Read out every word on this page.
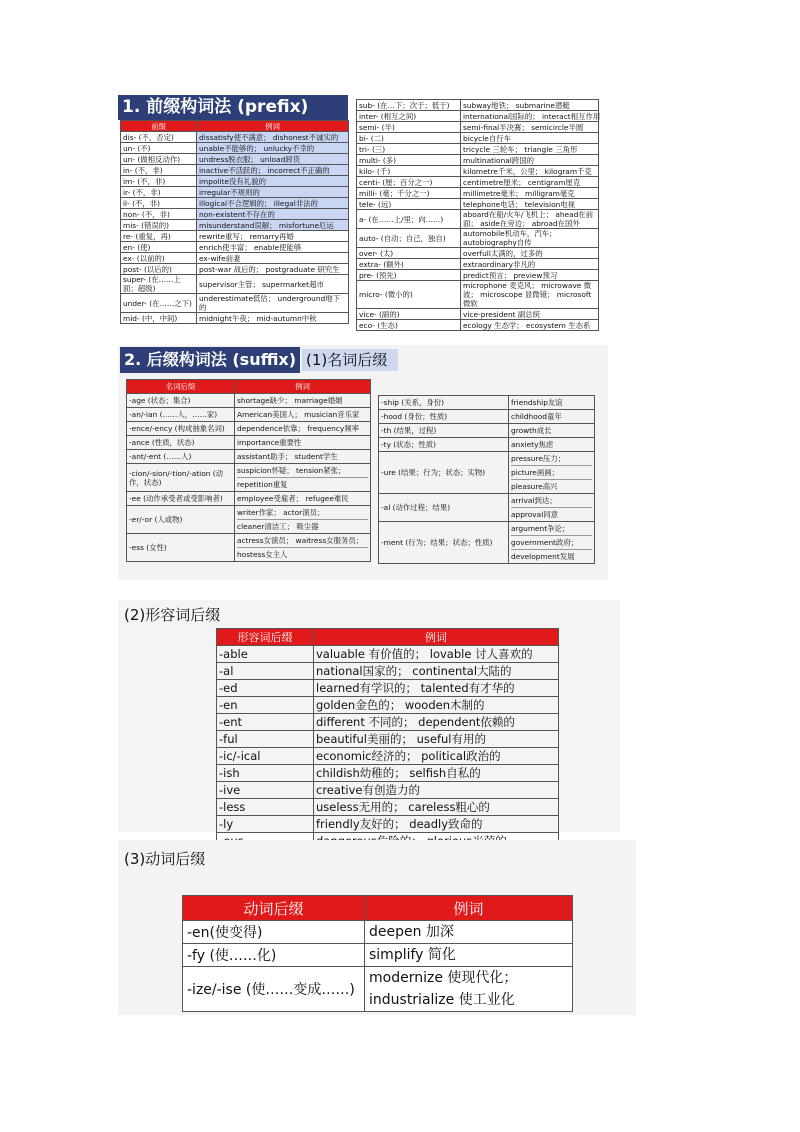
1. 前缀构词法 (prefix)
前缀	例词
dis- (不，否定)	dissatisfy使不满意； dishonest不诚实的
un- (不)	unable不能够的； unlucky不幸的
un- (做相反动作)	undress脱衣服； unload卸货
in- (不，非)	inactive不活跃的； incorrect不正确的
im- (不，非)	impolite没有礼貌的
ir- (不，非)	irregular不规则的
il- (不，非)	illogical不合逻辑的； illegal非法的
non- (不，非)	non-existent不存在的
mis- (错误的)	misunderstand误解； misfortune厄运
re- (重复，再)	rewrite重写； remarry再婚
en- (使)	enrich使丰富； enable使能够
ex- (以前的)	ex-wife前妻
post- (以后的)	post-war 战后的； postgraduate 研究生
super- (在……上面；超级)	supervisor主管； supermarket超市
under- (在……之下)	underestimate低估； underground地下的
mid- (中，中间)	midnight午夜； mid-autumn中秋
sub- (在…下；次于；低于)	subway地铁； submarine潜艇
inter- (相互之间)	international国际的； interact相互作用
semi- (半)	semi-final半决赛； semicircle半圆
bi- (二)	bicycle自行车
tri- (三)	tricycle 三轮车； triangle 三角形
multi- (多)	multinational跨国的
kilo- (千)	kilometre千米，公里； kilogram千克
centi- (厘；百分之一)	centimetre厘米； centigram厘克
milli- (毫；千分之一)	millimetre毫米； milligram毫克
tele- (远)	telephone电话； television电视
a- (在……上/里；向……)	aboard在船/火车/飞机上； ahead在前面； aside在旁边； abroad在国外
auto- (自动；自己，独自)	automobile机动车，汽车； autobiography自传
over- (太)	overfull太满的，过多的
extra- (额外)	extraordinary非凡的
pre- (预先)	predict预言； preview预习
micro- (微小的)	microphone 麦克风； microwave 微波； microscope 显微镜； microsoft 微软
vice- (副的)	vice-president 副总统
eco- (生态)	ecology 生态学； ecosystem 生态系
2. 后缀构词法 (suffix) (1)名词后缀
名词后缀	例词
-age (状态；集合)	shortage缺少； marriage婚姻

-an/-ian (……人，……家)	American美国人； musician音乐家

-ence/-ency (构成抽象名词)	dependence依靠； frequency频率

-ance (性质，状态)	importance重要性

-ant/-ent (……人)	assistant助手； student学生

-cion/-sion/-tion/-ation (动作，状态)	suspicion怀疑； tension紧张；
repetition重复

-ee (动作承受者或受影响者)	employee受雇者； refugee难民

-er/-or (人或物)	writer作家； actor演员；
cleaner清洁工； 吸尘器

-ess (女性)	actress女演员； waitress女服务员；
hostess女主人
-ship (关系，身份)	friendship友谊

-hood (身份；性质)	childhood童年

-th (结果，过程)	growth成长

-ty (状态；性质)	anxiety焦虑

-ure (结果；行为；状态；实物)	pressure压力；
picture画画；
pleasure高兴

-al (动作过程；结果)	arrival到达；
approval同意

-ment (行为；结果；状态；性质)	argument争论；
government政府；
development发展
(2)形容词后缀
形容词后缀	例词
-able	valuable 有价值的； lovable 讨人喜欢的
-al	national国家的； continental大陆的
-ed	learned有学识的； talented有才华的
-en	golden金色的； wooden木制的
-ent	different 不同的； dependent依赖的
-ful	beautiful美丽的； useful有用的
-ic/-ical	economic经济的； political政治的
-ish	childish幼稚的； selfish自私的
-ive	creative有创造力的
-less	useless无用的； careless粗心的
-ly	friendly友好的； deadly致命的

(3)动词后缀
动词后缀	例词
-en(使变得)	deepen 加深

-fy (使……化)	simplify 简化

-ize/-ise (使……变成……)	modernize 使现代化；
industrialize 使工业化
